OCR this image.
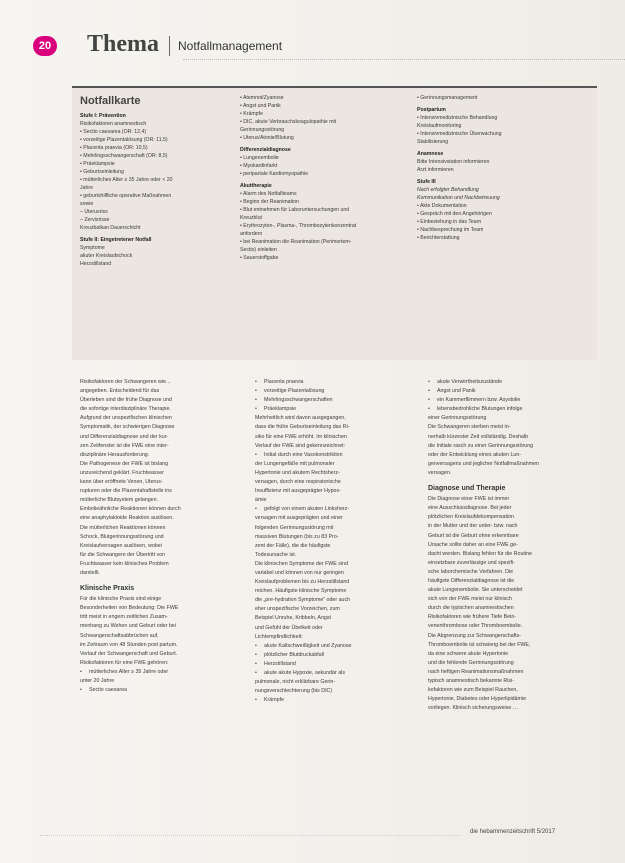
20 Thema Notfallmanagement
Notfallkarte
Stufe I: Prävention
Risikofaktoren anamnestisch
• Sectio caesarea (OR: 12,4)
• vorzeitige Plazentalösung (OR: 11,5)
• Placenta praevia (OR: 10,5)
• Mehrlingsschwangerschaft (OR: 8,5)
• Präeklampsie
• Geburtseinleitung
• mütterliches Alter ≥ 35 Jahre oder < 20
Jahre
• geburtshilfliche operative Maßnahmen
sowie
– Uterusriss
– Zervixrisse
Kreuzbalkan Dauerschicht
Stufe II: Eingetretener Notfall
Symptome
akuter Kreislaufschock
Herzstillstand
• Atemnot/Zyanose
• Angst und Panik
• Krämpfe
• DIC, akute Verbrauchskoagulopathie mit
Gerinnungsstörung
• Uterus/Atonie/Blutung
Differenzialdiagnose
• Lungenembolie
• Myokardinfarkt
• peripartale Kardiomyopathie
Akuttherapie
• Alarm des Notfallteams
• Beginn der Reanimation
• Blut entnehmen für Laboruntersuchungen und
Kreuzblut
• Erythrozyten-, Plasma-, Thrombozytenkonzentrat
anfordern
• bei Reanimation die Reanimation (Perimortem-
Sectio) einleiten
• Sauerstoffgabe
• Gerinnungsmanagement
Postpartum
• Intensivmedizinische Behandlung
Kreislaufmonitoring
• Intensivmedizinische Überwachung
Stabilisierung
Anamnese
Bitte Intensivstation informieren
Arzt informieren
Stufe III
Nach erfolgter Behandlung
Kommunikation und Nachbetreuung
• Akte Dokumentation
• Gespräch mit den Angehörigen
• Einbeziehung in das Team
• Nachbesprechung im Team
• Berichterstattung
Risikofaktoren der Schwangeren wie...
angegeben. Entscheidend für das
Überleben sind die frühe Diagnose und
die sofortige interdisziplinäre Therapie.
Aufgrund der unspezifischen klinischen
Symptomatik, der schwierigen Diagnose
und Differenzialdiagnose und der kur-
zen Zeitfenster ist die FWE eine inter-
disziplinäre Herausforderung.
Die Pathogenese der FWE ist bislang
unzureichend geklärt. Fruchtwasser
kann über eröffnete Venen, Uterus-
rupturen oder die Plazentahaftstelle ins
mütterliche Blutsystem gelangen.
Embolieähnliche Reaktionen können durch
eine anaphylaktoide Reaktion auslösen.
Die mütterlichen Reaktionen können
Schock, Blutgerinnungsstörung und
Kreislaufversagen auslösen, wobei
für die Schwangere der Übertritt von
Fruchtwasser kein klinisches Problem
darstellt.
Klinische Praxis
Für die klinische Praxis sind einige
Besonderheiten von Bedeutung: Die FWE
tritt meist in engem zeitlichen Zusam-
menhang zu Wehen und Geburt oder bei
Schwangerschaftsabbrüchen auf,
im Zeitraum von 48 Stunden post partum.
Verlauf der Schwangerschaft und Geburt.
Risikofaktoren für eine FWE gehören:
• mütterliches Alter ≥ 35 Jahre oder
unter 20 Jahre
• Sectio caesarea
• Placenta praevia
• vorzeitige Plazentalösung
• Mehrlingsschwangerschaften
• Präeklampsie
Mehrheitlich wird davon ausgegangen,
dass die frühe Geburtseinleitung das Ri-
siko für eine FWE erhöht. Im klinischen
Verlauf der FWE sind gekennzeichnet:
• Initial durch eine Vasokonstriktion
der Lungengefäße mit pulmonaler
Hypertonie und akutem Rechtsherz-
versagen, durch eine respiratorische
Insuffizienz mit ausgeprägter Hypox-
ämie
• gefolgt von einem akuten Linksherz-
versagen mit ausgeprägten und einer
folgenden Gerinnungsstörung mit
massiven Blutungen (bis zu 83 Pro-
zent der Fälle), die die häufigste
Todesursache ist.
Die klinischen Symptome der FWE sind
variabel und können von nur geringen
Kreislaufproblemen bis zu Herzstillstand
reichen. Häufigste klinische Symptome
die „pre-hydration Symptome“ oder auch
eher unspezifische Vorzeichen, zum
Beispiel Unruhe, Kribbeln, Angst
und Gefühl der Übelkeit oder
Lichtempfindlichkeit:
• akute Kaltschweißigkeit und Zyanose
• plötzlicher Blutdruckabfall
• Herzstillstand
• akute akute Hypoxie, sekundär als
pulmonale, nicht erklärbare Gerin-
nungsverschlechterung (bis DIC)
• Krämpfe
• akute Verwirrtheitszustände
• Angst und Panik
• ein Kammerflimmern bzw. Asystolie
• lebensbedrohliche Blutungen infolge
einer Gerinnungsstörung
Die Schwangeren sterben meist in-
nerhalb kürzester Zeit vollständig. Deshalb
die Initiale rasch zu einer Gerinnungsstörung
oder der Entwicklung eines akuten Lun-
genversagens und jeglicher Notfallmaßnahmen
versagen.
Diagnose und Therapie
Die Diagnose einer FWE ist immer
eine Ausschlussdiagnose. Bei jeder
plötzlichen Kreislaufdekompensation
in der Mutter und der unter- bzw. nach
Geburt ist die Geburt ohne erkennbare
Ursache sollte daher an eine FWE ge-
dacht werden. Bislang fehlen für die Routine
einsetzbare zuverlässige und spezifi-
sche laborchemische Verfahren. Die
häufigste Differenzialdiagnose ist die
akute Lungenembolie. Sie unterscheidet
sich von der FWE meist nur klinisch
durch die typischen anamnestischen
Risikofaktoren wie frühere Tiefe Bein-
venenthrombose oder Thromboembolie.
Die Abgrenzung zur Schwangerschafts-
Thromboembolie ist schwierig bei der FWE,
da eine schwere akute Hypertonie
und die fehlende Gerinnungsstörung
nach heftigen Reanimationsmaßnahmen
typisch anamnestisch bekannte Risi-
kofaktoren wie zum Beispiel Rauchen,
Hypertonie, Diabetes oder Hyperlipidämie
vorliegen. Klinisch sicherungsweise …
die hebammenzeitschrift 5/2017
